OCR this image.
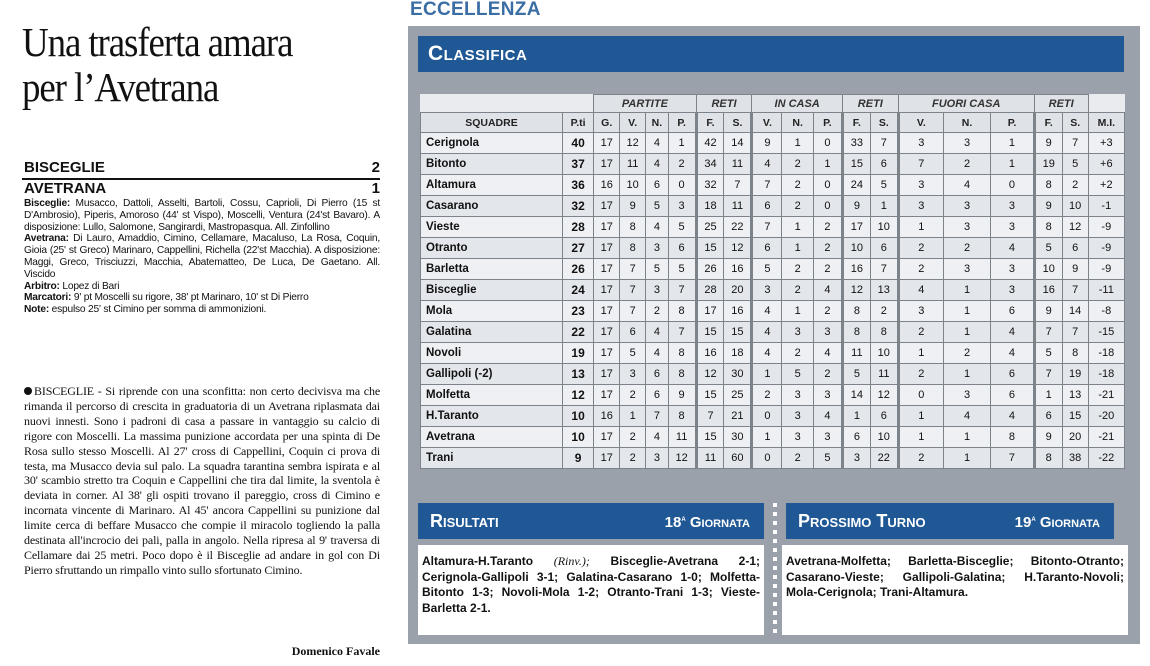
Una trasferta amara
per l’Avetrana
BISCEGLIE	2
AVETRANA	1

Bisceglie: Musacco, Dattoli, Asselti, Bartoli, Cossu, Caprioli, Di Pierro (15 st D'Ambrosio), Piperis, Amoroso (44' st Vispo), Moscelli, Ventura (24'st Bavaro). A disposizione: Lullo, Salomone, Sangirardi, Mastropasqua. All. Zinfollino

Avetrana: Di Lauro, Amaddio, Cimino, Cellamare, Macaluso, La Rosa, Coquin, Gioia (25' st Greco) Marinaro, Cappellini, Richella (22'st Macchia). A disposizione: Maggi, Greco, Trisciuzzi, Macchia, Abatematteo, De Luca, De Gaetano. All. Viscido

Arbitro: Lopez di Bari

Marcatori: 9' pt Moscelli su rigore, 38' pt Marinaro, 10' st Di Pierro

Note: espulso 25' st Cimino per somma di ammonizioni.

BISCEGLIE - Si riprende con una sconfitta: non certo decivisva ma che rimanda il percorso di crescita in graduatoria di un Avetrana riplasmata dai nuovi innesti. Sono i padroni di casa a passare in vantaggio su calcio di rigore con Moscelli. La massima punizione accordata per una spinta di De Rosa sullo stesso Moscelli. Al 27' cross di Cappellini, Coquin ci prova di testa, ma Musacco devia sul palo. La squadra tarantina sembra ispirata e al 30' scambio stretto tra Coquin e Cappellini che tira dal limite, la sventola è deviata in corner. Al 38' gli ospiti trovano il pareggio, cross di Cimino e incornata vincente di Marinaro. Al 45' ancora Cappellini su punizione dal limite cerca di beffare Musacco che compie il miracolo togliendo la palla destinata all'incrocio dei pali, palla in angolo. Nella ripresa al 9' traversa di Cellamare dai 25 metri. Poco dopo è il Bisceglie ad andare in gol con Di Pierro sfruttando un rimpallo vinto sullo sfortunato Cimino.
Domenico Favale
ECCELLENZA
Classifica
		PARTITE				RETI		IN CASA			RETI		FUORI CASA			RETI		
SQUADRE	P.ti	G.	V.	N.	P.	F.	S.	V.	N.	P.	F.	S.	V.	N.	P.	F.	S.	M.I.
Cerignola	40	17	12	4	1	42	14	9	1	0	33	7	3	3	1	9	7	+3
Bitonto	37	17	11	4	2	34	11	4	2	1	15	6	7	2	1	19	5	+6
Altamura	36	16	10	6	0	32	7	7	2	0	24	5	3	4	0	8	2	+2
Casarano	32	17	9	5	3	18	11	6	2	0	9	1	3	3	3	9	10	-1
Vieste	28	17	8	4	5	25	22	7	1	2	17	10	1	3	3	8	12	-9
Otranto	27	17	8	3	6	15	12	6	1	2	10	6	2	2	4	5	6	-9
Barletta	26	17	7	5	5	26	16	5	2	2	16	7	2	3	3	10	9	-9
Bisceglie	24	17	7	3	7	28	20	3	2	4	12	13	4	1	3	16	7	-11
Mola	23	17	7	2	8	17	16	4	1	2	8	2	3	1	6	9	14	-8
Galatina	22	17	6	4	7	15	15	4	3	3	8	8	2	1	4	7	7	-15
Novoli	19	17	5	4	8	16	18	4	2	4	11	10	1	2	4	5	8	-18
Gallipoli (-2)	13	17	3	6	8	12	30	1	5	2	5	11	2	1	6	7	19	-18
Molfetta	12	17	2	6	9	15	25	2	3	3	14	12	0	3	6	1	13	-21
H.Taranto	10	16	1	7	8	7	21	0	3	4	1	6	1	4	4	6	15	-20
Avetrana	10	17	2	4	11	15	30	1	3	3	6	10	1	1	8	9	20	-21
Trani	9	17	2	3	12	11	60	0	2	5	3	22	2	1	7	8	38	-22
Risultati	18$^a$ Giornata	Prossimo Turno	19$^a$ Giornata
Altamura-H.Taranto (Rinv.); Bisceglie-Avetrana 2-1; Cerignola-Gallipoli 3-1; Galatina-Casarano 1-0; Molfetta-Bitonto 1-3; Novoli-Mola 1-2; Otranto-Trani 1-3; Vieste-Barletta 2-1.
Avetrana-Molfetta; Barletta-Bisceglie; Bitonto-Otranto; Casarano-Vieste; Gallipoli-Galatina; H.Taranto-Novoli; Mola-Cerignola; Trani-Altamura.
